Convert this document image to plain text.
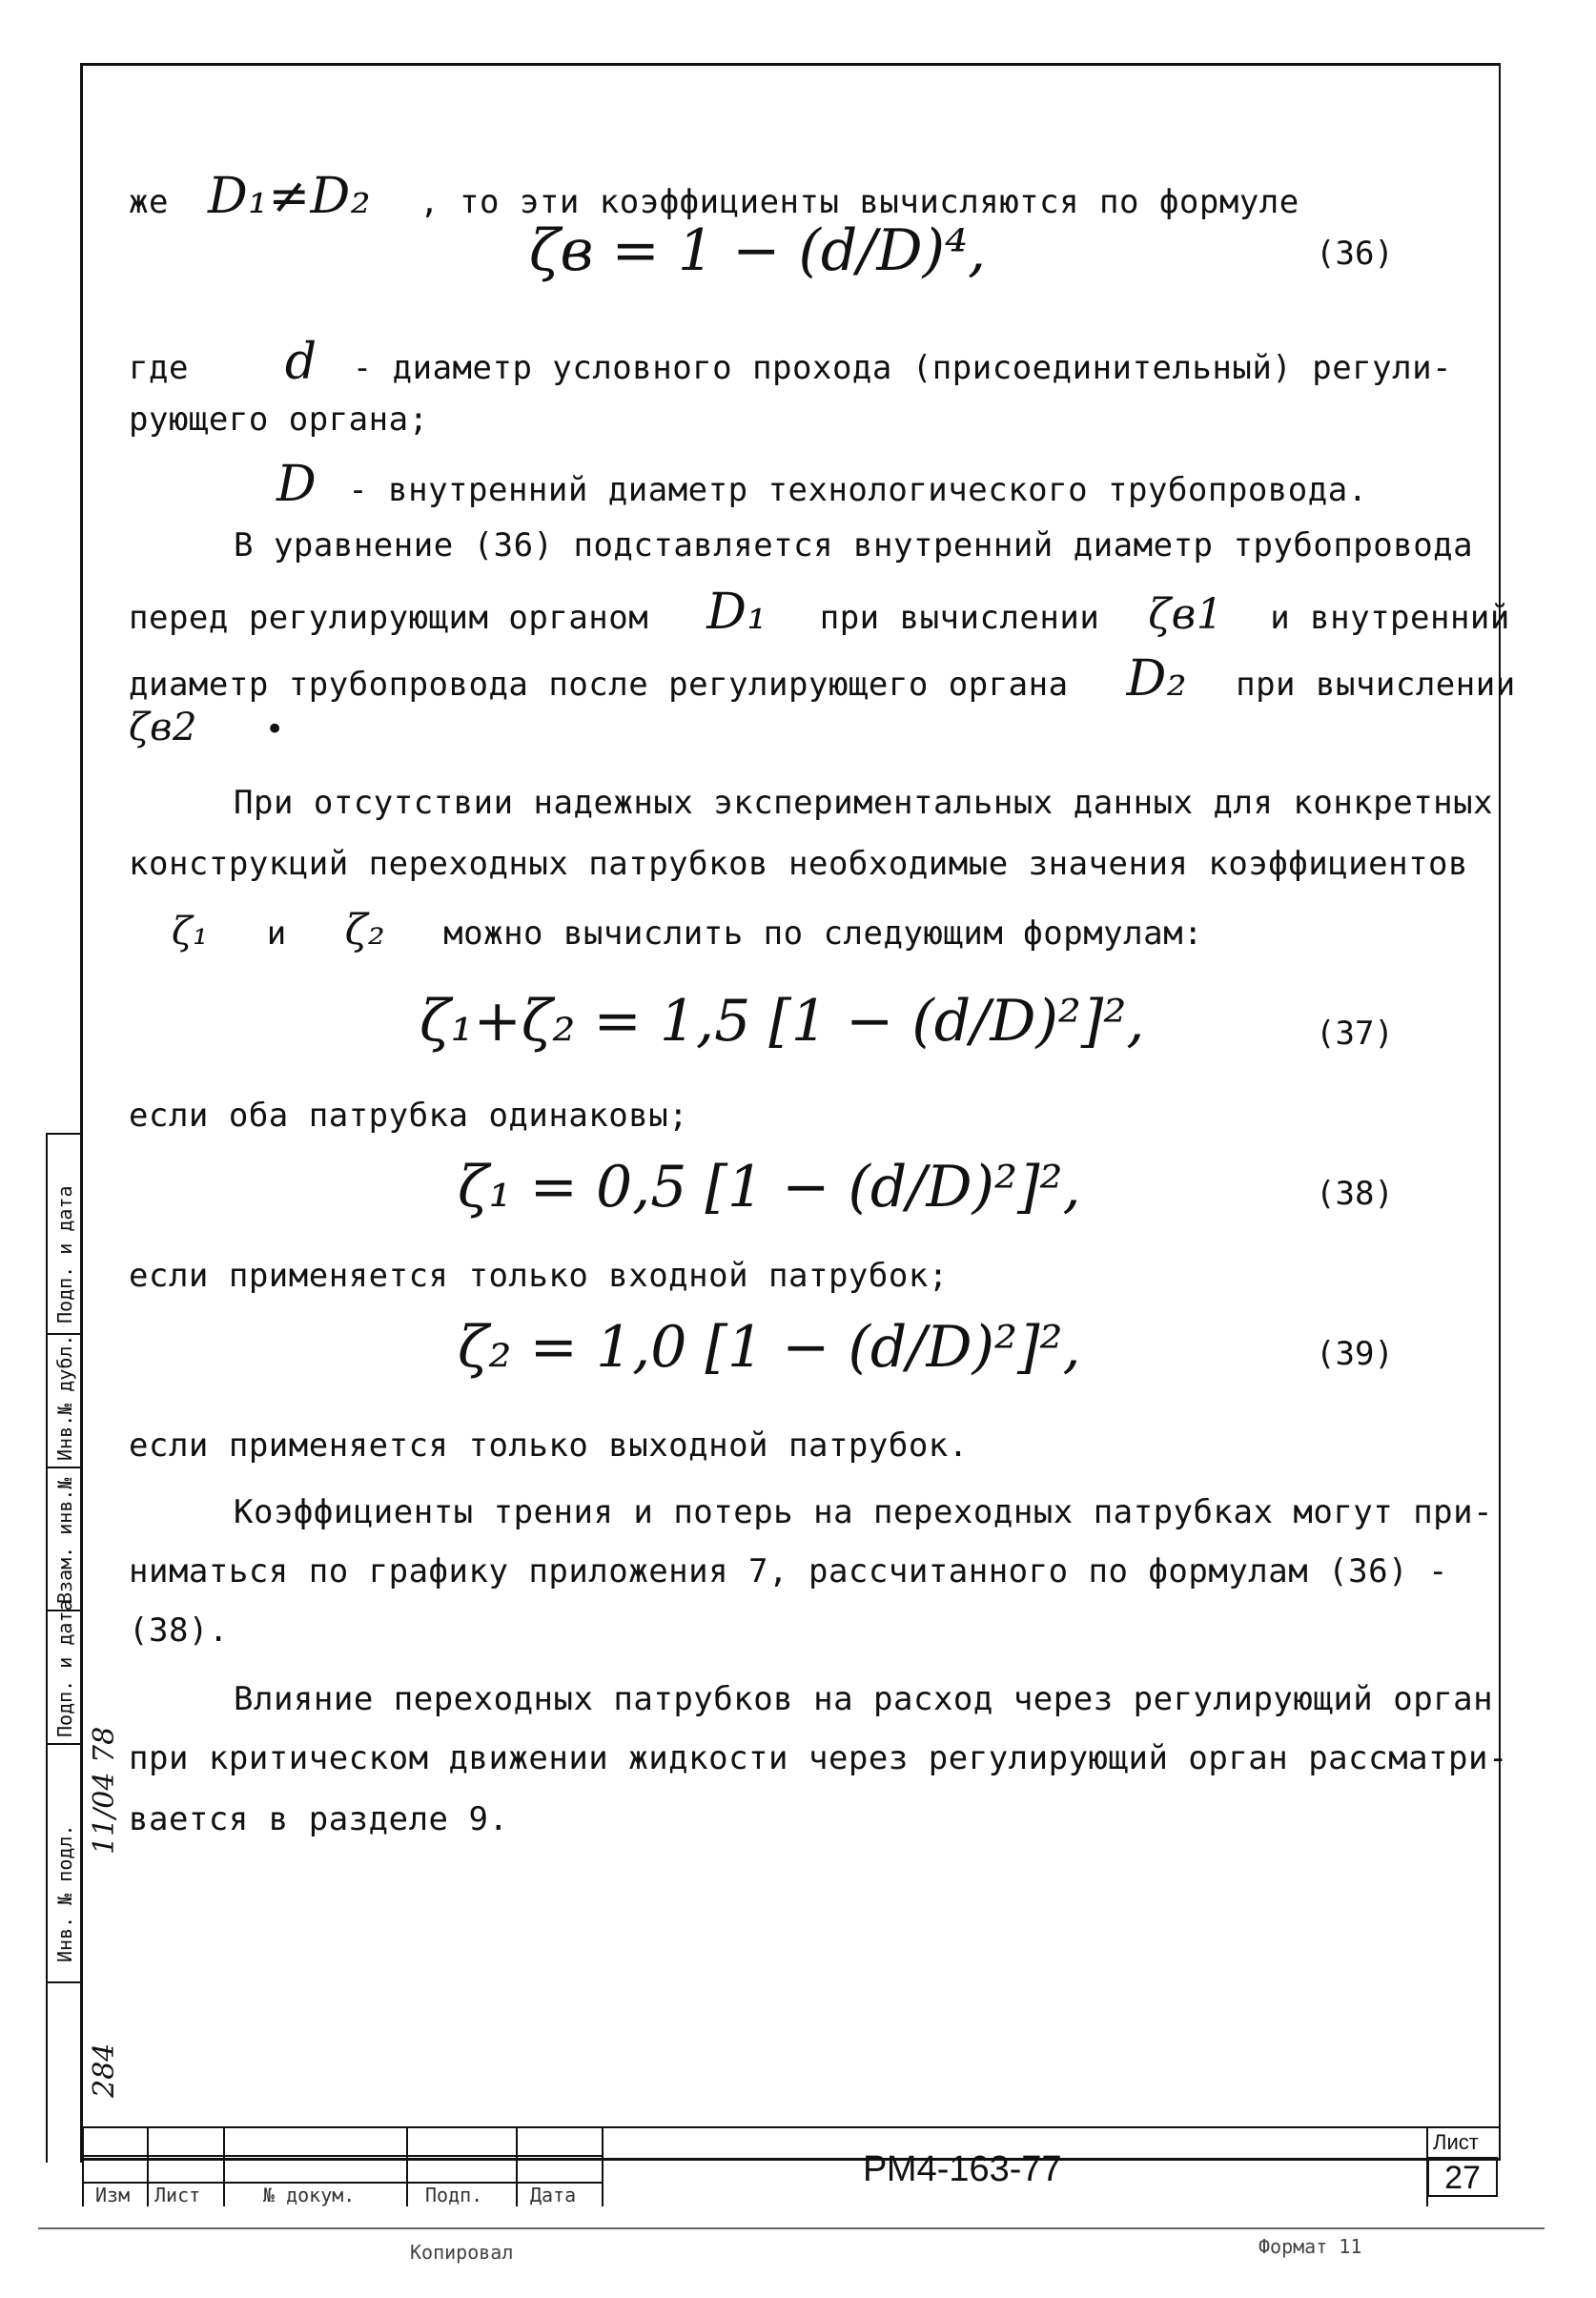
же D₁≠D₂ , то эти коэффициенты вычисляются по формуле
ζв = 1 − (d/D)⁴,	(36)
где d - диаметр условного прохода (присоединительный) регули-
рующего органа;
D - внутренний диаметр технологического трубопровода.
В уравнение (36) подставляется внутренний диаметр трубопровода
перед регулирующим органом D₁ при вычислении ζв1 и внутренний
диаметр трубопровода после регулирующего органа D₂ при вычислении
ζв2 •
При отсутствии надежных экспериментальных данных для конкретных
конструкций переходных патрубков необходимые значения коэффициентов
ζ₁ и ζ₂ можно вычислить по следующим формулам:
ζ₁+ζ₂ = 1,5 [1 − (d/D)²]²,	(37)
если оба патрубка одинаковы;
ζ₁ = 0,5 [1 − (d/D)²]²,	(38)
если применяется только входной патрубок;
ζ₂ = 1,0 [1 − (d/D)²]²,	(39)
если применяется только выходной патрубок.
Коэффициенты трения и потерь на переходных патрубках могут при-
ниматься по графику приложения 7, рассчитанного по формулам (36) -
(38).
Влияние переходных патрубков на расход через регулирующий орган
при критическом движении жидкости через регулирующий орган рассматри-
вается в разделе 9.
Подп. и дата
Инв.№ дубл.
Взам. инв.№
Подп. и дата
Инв. № подл.
11/04 78
284
Изм Лист	№ докум.	Подп. Дата
РМ4-163-77
Лист
27
Копировал	Формат 11
